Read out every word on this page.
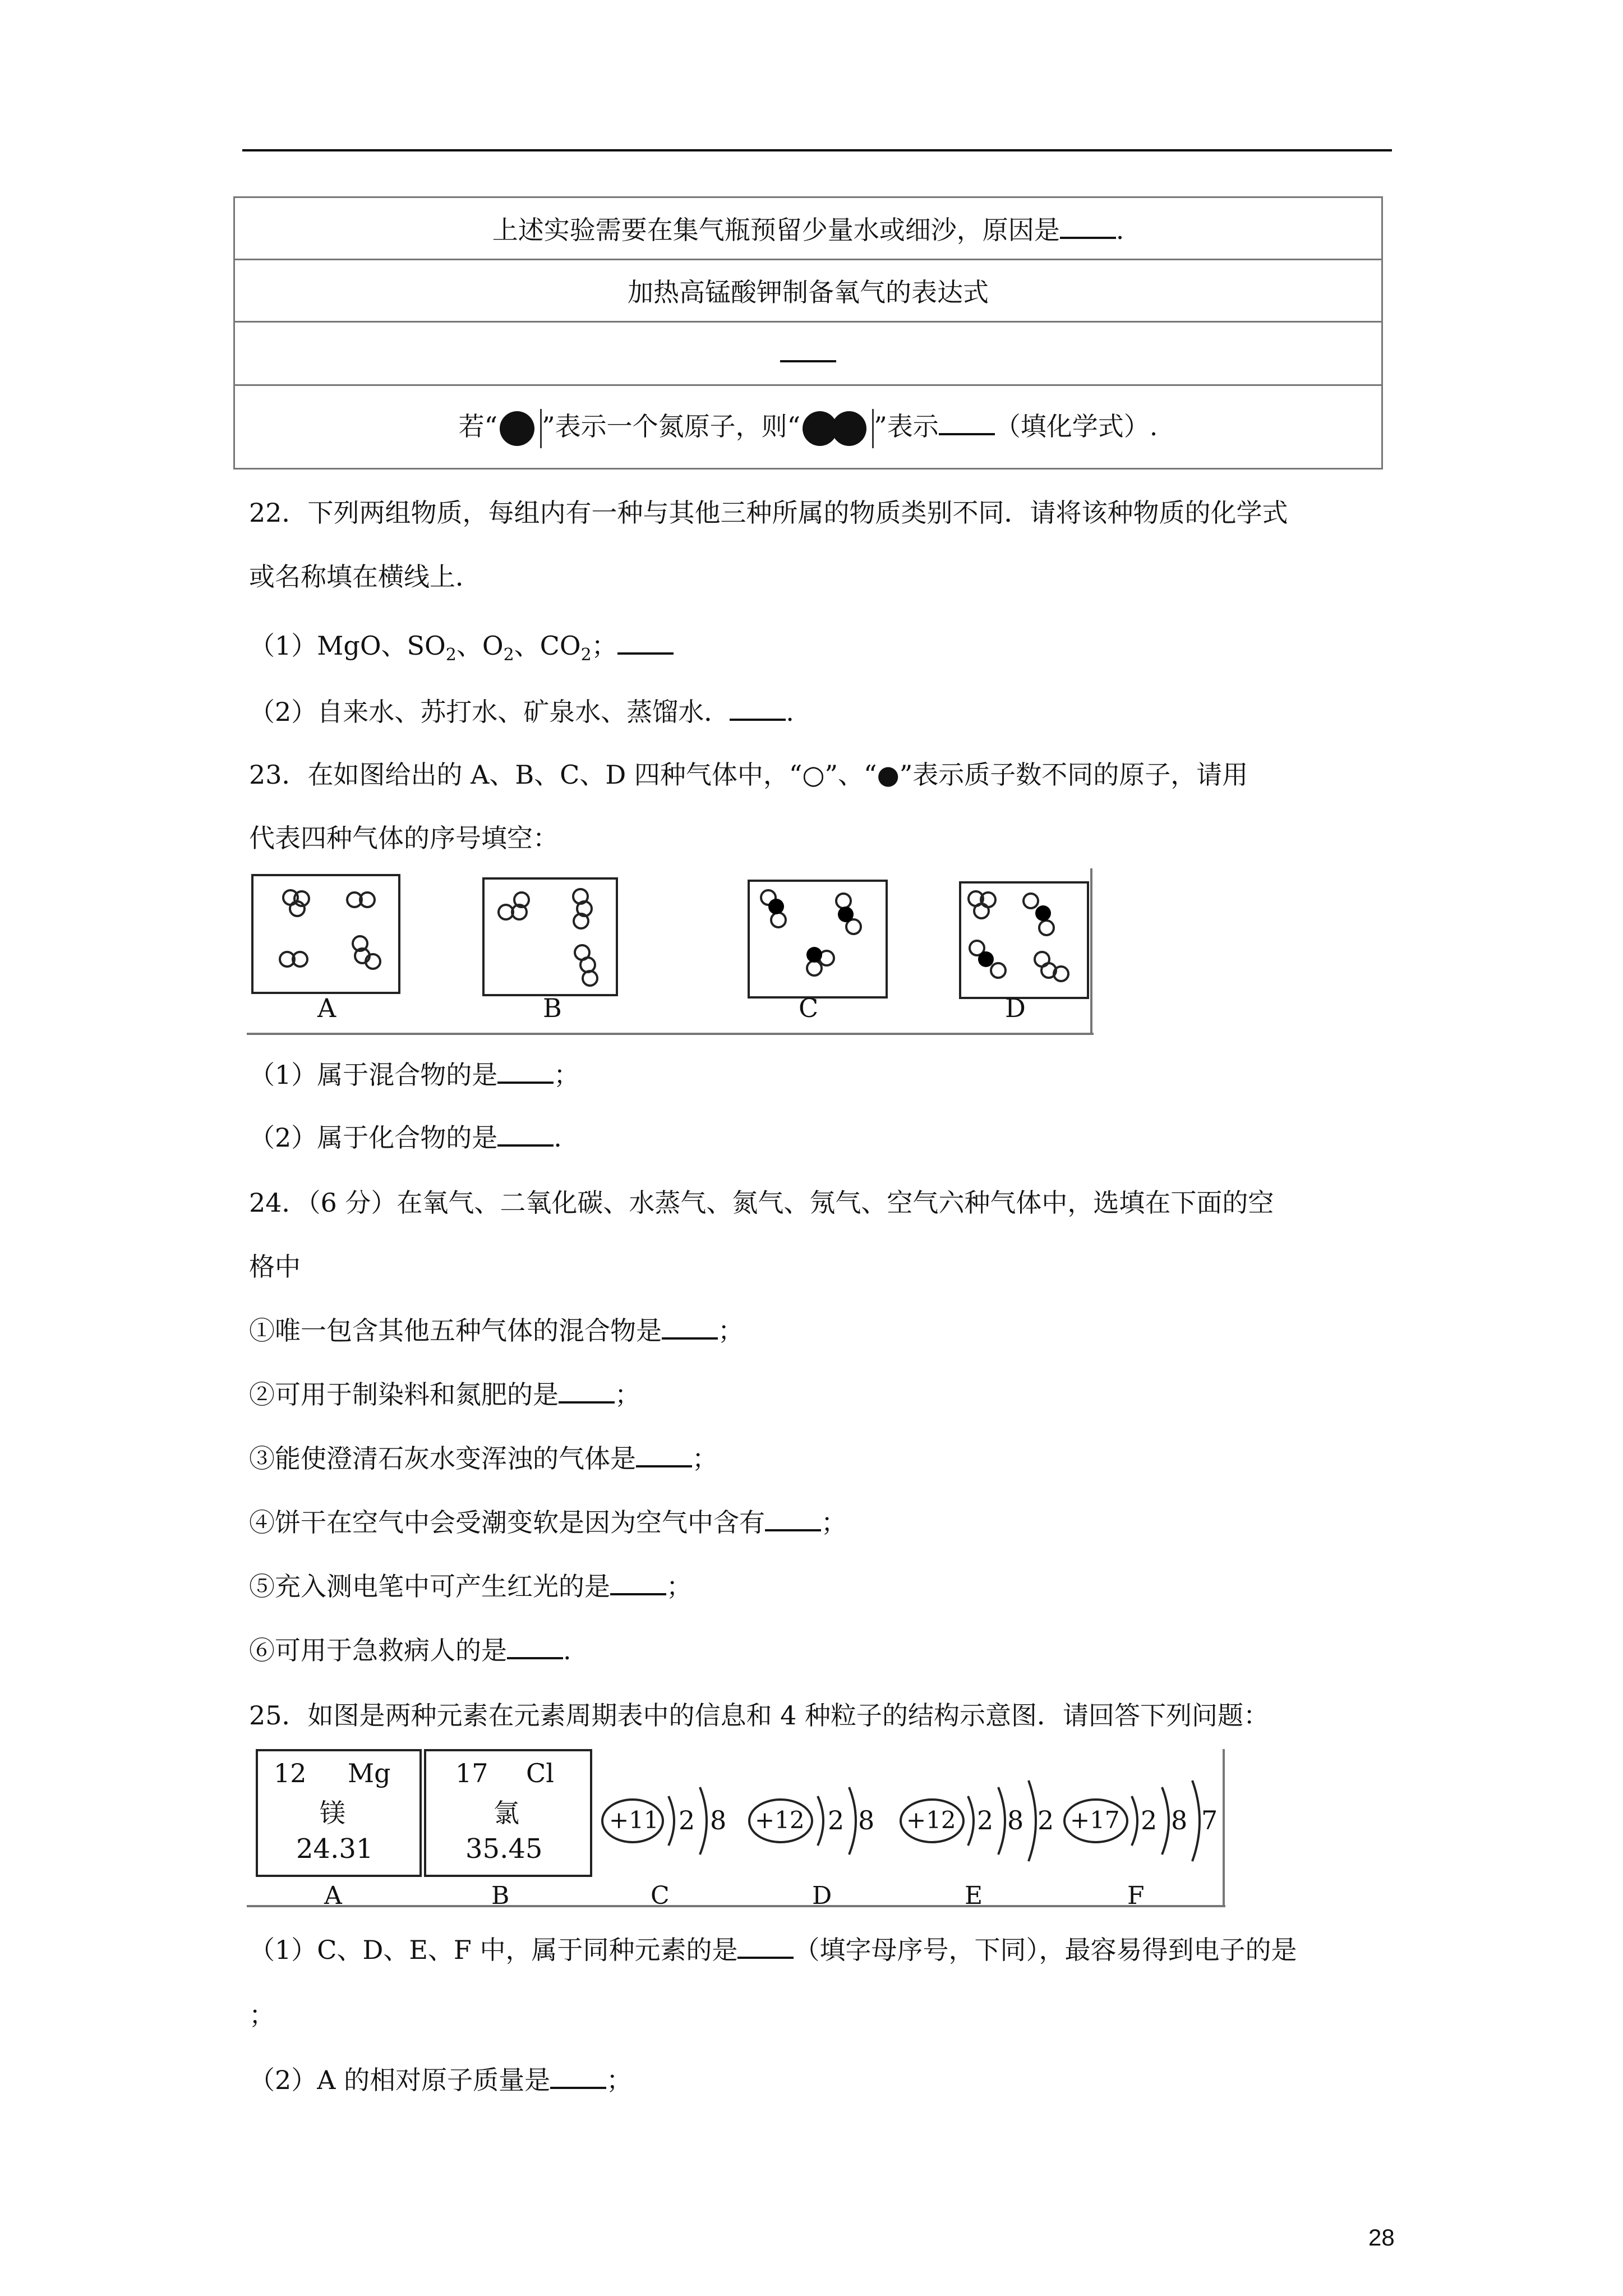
上述实验需要在集气瓶预留少量水或细沙，原因是 .
加热高锰酸钾制备氧气的表达式

若“ ”表示一个氮原子，则“	”表示 （填化学式）.
22．下列两组物质，每组内有一种与其他三种所属的物质类别不同．请将该种物质的化学式
或名称填在横线上．
（1）MgO、$SO_2$、$O_2$、$CO_2$；
（2）自来水、苏打水、矿泉水、蒸馏水． .
23．在如图给出的 A、B、C、D 四种气体中，“○”、“●”表示质子数不同的原子，请用
代表四种气体的序号填空：
A	B	C	D
（1）属于混合物的是 ；
（2）属于化合物的是 .
24．（6 分）在氧气、二氧化碳、水蒸气、氮气、氖气、空气六种气体中，选填在下面的空
格中
①唯一包含其他五种气体的混合物是 ；
②可用于制染料和氮肥的是 ；
③能使澄清石灰水变浑浊的气体是 ；
④饼干在空气中会受潮变软是因为空气中含有 ；
⑤充入测电笔中可产生红光的是 ；
⑥可用于急救病人的是 .
25．如图是两种元素在元素周期表中的信息和 4 种粒子的结构示意图．请回答下列问题：
12	Mg
镁
24.31
17 Cl
氯
35.45
+11 2 8 +12 2 8 +12 2 8 2 +17 2 8 7
A	B	C	D	E	F
（1）C、D、E、F 中，属于同种元素的是 （填字母序号，下同），最容易得到电子的是
；
（2）A 的相对原子质量是 ；
28
